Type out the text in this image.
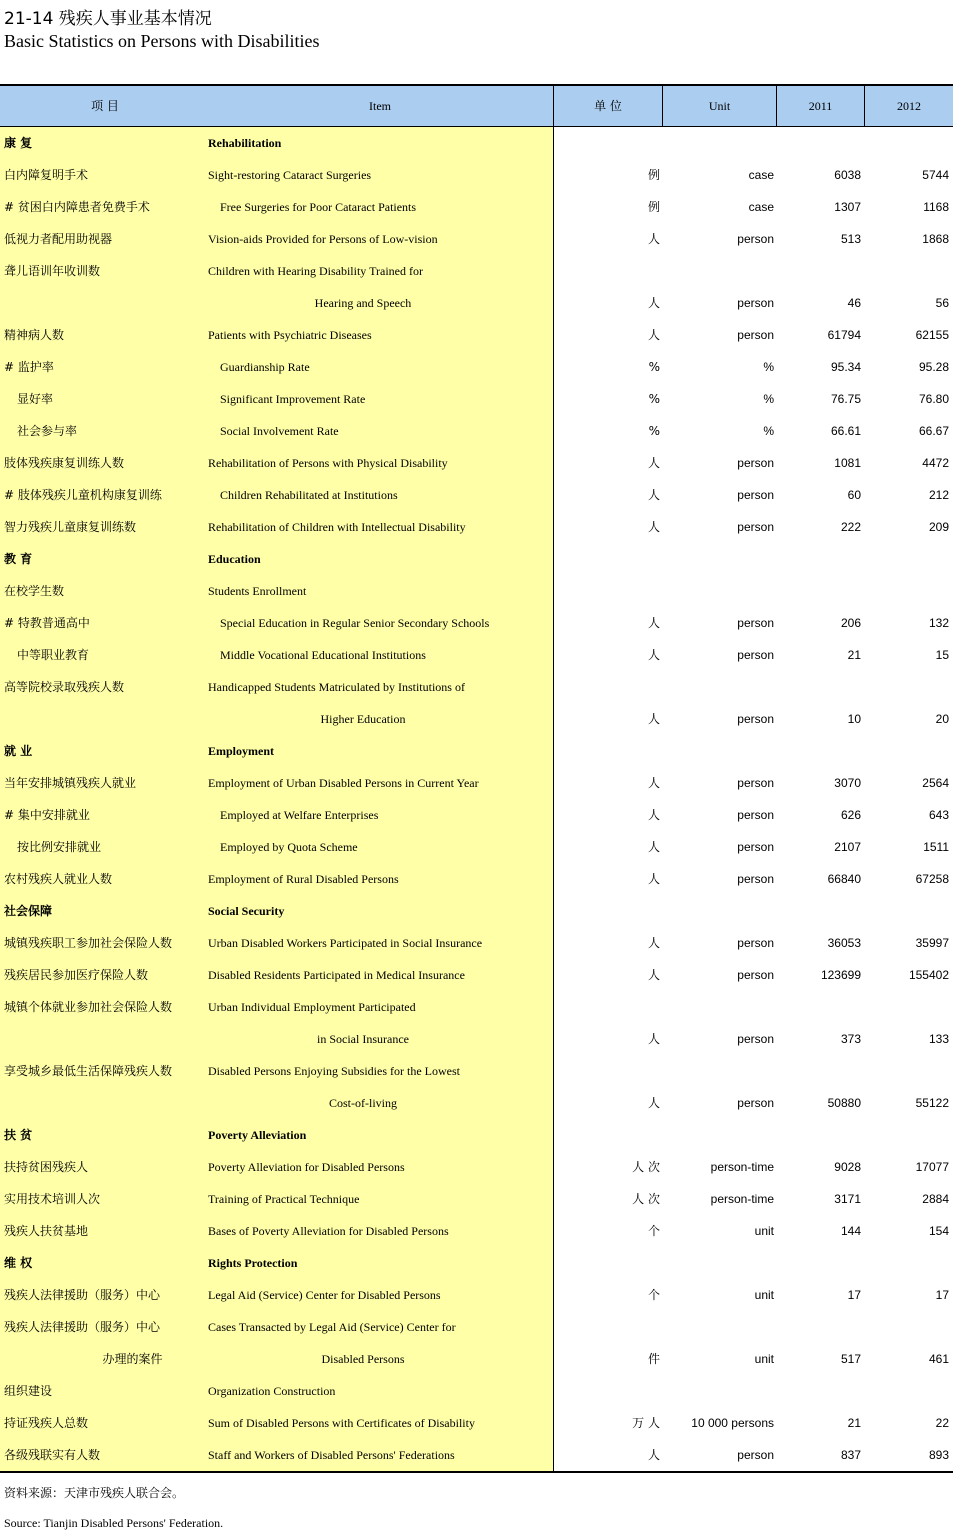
21-14 残疾人事业基本情况
Basic Statistics on Persons with Disabilities
项 目	Item	单 位	Unit	2011	2012
康 复	Rehabilitation
白内障复明手术	Sight-restoring Cataract Surgeries	例	case	6038	5744
# 贫困白内障患者免费手术	Free Surgeries for Poor Cataract Patients	例	case	1307	1168
低视力者配用助视器	Vision-aids Provided for Persons of Low-vision	人	person	513	1868
聋儿语训年收训数	Children with Hearing Disability Trained for
Hearing and Speech	人	person	46	56
精神病人数	Patients with Psychiatric Diseases	人	person	61794	62155
# 监护率	Guardianship Rate	%	%	95.34	95.28
显好率	Significant Improvement Rate	%	%	76.75	76.80
社会参与率	Social Involvement Rate	%	%	66.61	66.67
肢体残疾康复训练人数	Rehabilitation of Persons with Physical Disability	人	person	1081	4472
# 肢体残疾儿童机构康复训练	Children Rehabilitated at Institutions	人	person	60	212
智力残疾儿童康复训练数	Rehabilitation of Children with Intellectual Disability	人	person	222	209
教 育	Education
在校学生数	Students Enrollment
# 特教普通高中	Special Education in Regular Senior Secondary Schools	人	person	206	132
中等职业教育	Middle Vocational Educational Institutions	人	person	21	15
高等院校录取残疾人数	Handicapped Students Matriculated by Institutions of
Higher Education	人	person	10	20
就 业	Employment
当年安排城镇残疾人就业	Employment of Urban Disabled Persons in Current Year	人	person	3070	2564
# 集中安排就业	Employed at Welfare Enterprises	人	person	626	643
按比例安排就业	Employed by Quota Scheme	人	person	2107	1511
农村残疾人就业人数	Employment of Rural Disabled Persons	人	person	66840	67258
社会保障	Social Security
城镇残疾职工参加社会保险人数	Urban Disabled Workers Participated in Social Insurance	人	person	36053	35997
残疾居民参加医疗保险人数	Disabled Residents Participated in Medical Insurance	人	person	123699	155402
城镇个体就业参加社会保险人数	Urban Individual Employment Participated
in Social Insurance	人	person	373	133
享受城乡最低生活保障残疾人数	Disabled Persons Enjoying Subsidies for the Lowest
Cost-of-living	人	person	50880	55122
扶 贫	Poverty Alleviation
扶持贫困残疾人	Poverty Alleviation for Disabled Persons	人 次	person-time	9028	17077
实用技术培训人次	Training of Practical Technique	人 次	person-time	3171	2884
残疾人扶贫基地	Bases of Poverty Alleviation for Disabled Persons	个	unit	144	154
维 权	Rights Protection
残疾人法律援助（服务）中心	Legal Aid (Service) Center for Disabled Persons	个	unit	17	17
残疾人法律援助（服务）中心	Cases Transacted by Legal Aid (Service) Center for
办理的案件	Disabled Persons	件	unit	517	461
组织建设	Organization Construction
持证残疾人总数	Sum of Disabled Persons with Certificates of Disability	万 人	10 000 persons	21	22
各级残联实有人数	Staff and Workers of Disabled Persons' Federations	人	person	837	893
资料来源：天津市残疾人联合会。
Source: Tianjin Disabled Persons' Federation.
